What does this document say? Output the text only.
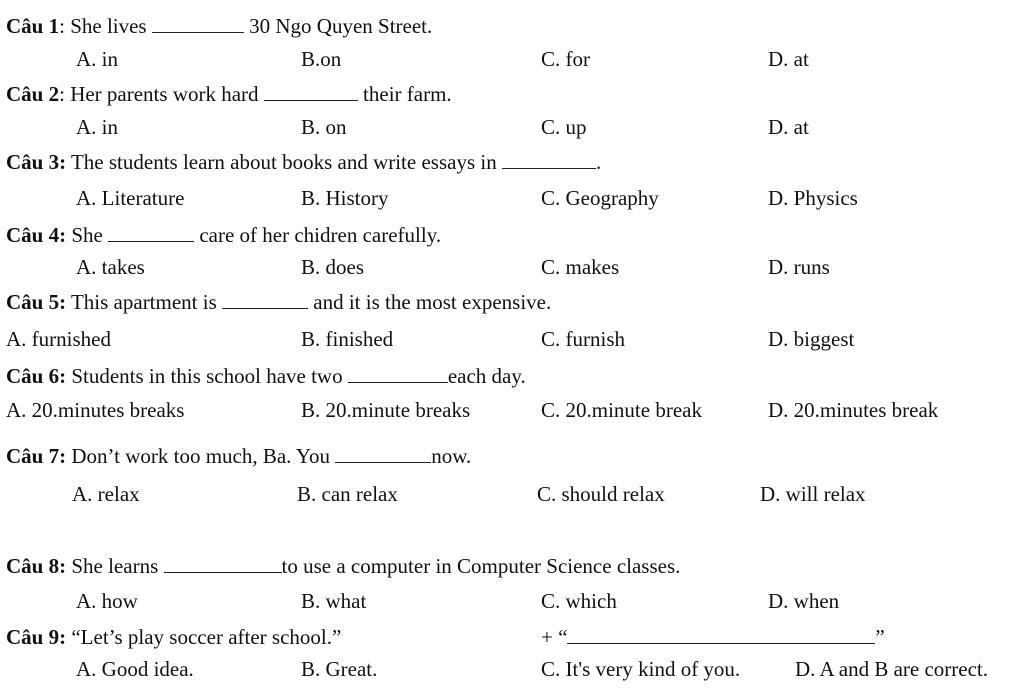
Câu 1: She lives	30 Ngo Quyen Street.
A. in	B.on	C. for	D. at
Câu 2: Her parents work hard	their farm.
A. in	B. on	C. up	D. at
Câu 3: The students learn about books and write essays in	.
A. Literature	B. History	C. Geography	D. Physics
Câu 4: She	care of her chidren carefully.
A. takes	B. does	C. makes	D. runs
Câu 5: This apartment is	and it is the most expensive.
A. furnished	B. finished	C. furnish	D. biggest
Câu 6: Students in this school have two	each day.
A. 20.minutes breaks	B. 20.minute breaks	C. 20.minute break	D. 20.minutes break
Câu 7: Don’t work too much, Ba. You	now.
A. relax	B. can relax	C. should relax	D. will relax
Câu 8: She learns	to use a computer in Computer Science classes.
A. how	B. what	C. which	D. when
Câu 9: “Let’s play soccer after school.”	+ “	”
A. Good idea.	B. Great.	C. It's very kind of you.	D. A and B are correct.
